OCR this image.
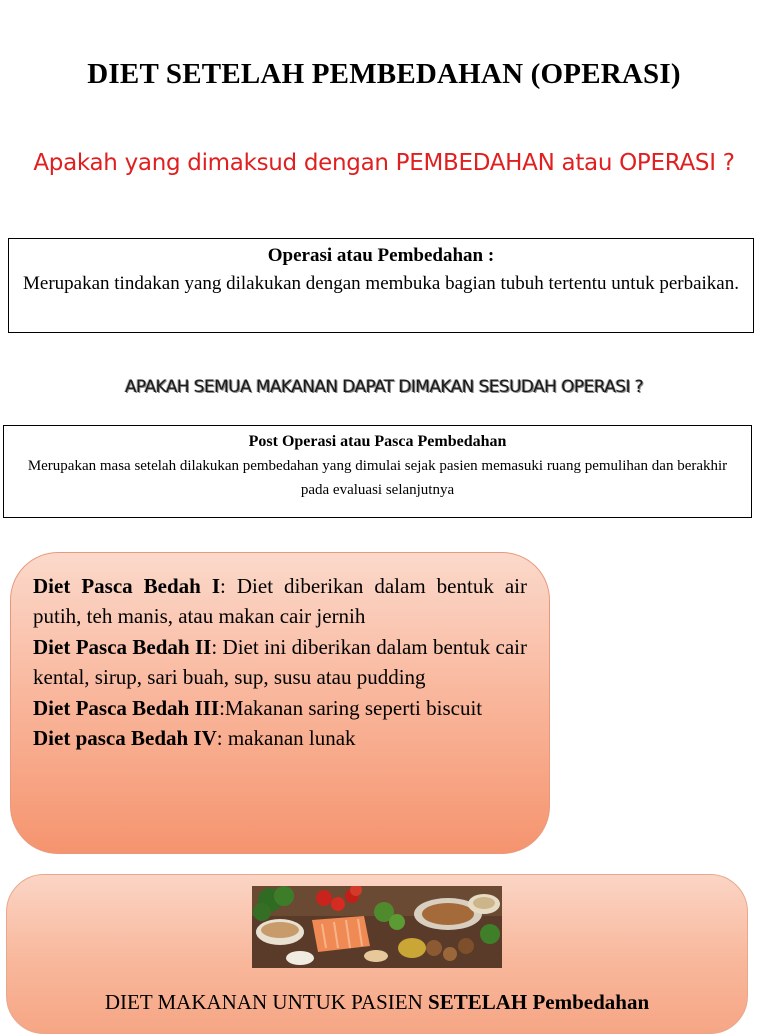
DIET SETELAH PEMBEDAHAN (OPERASI)
Apakah yang dimaksud dengan PEMBEDAHAN atau OPERASI ?
Operasi atau Pembedahan :
Merupakan tindakan yang dilakukan dengan membuka bagian tubuh tertentu untuk perbaikan.
APAKAH SEMUA MAKANAN DAPAT DIMAKAN SESUDAH OPERASI ?
Post Operasi atau Pasca Pembedahan
Merupakan masa setelah dilakukan pembedahan yang dimulai sejak pasien memasuki ruang pemulihan dan berakhir pada evaluasi selanjutnya

Diet Pasca Bedah I: Diet diberikan dalam bentuk air putih, teh manis, atau makan cair jernih

Diet Pasca Bedah II: Diet ini diberikan dalam bentuk cair kental, sirup, sari buah, sup, susu atau pudding

Diet Pasca Bedah III:Makanan saring seperti biscuit

Diet pasca Bedah IV: makanan lunak

DIET MAKANAN UNTUK PASIEN SETELAH Pembedahan
